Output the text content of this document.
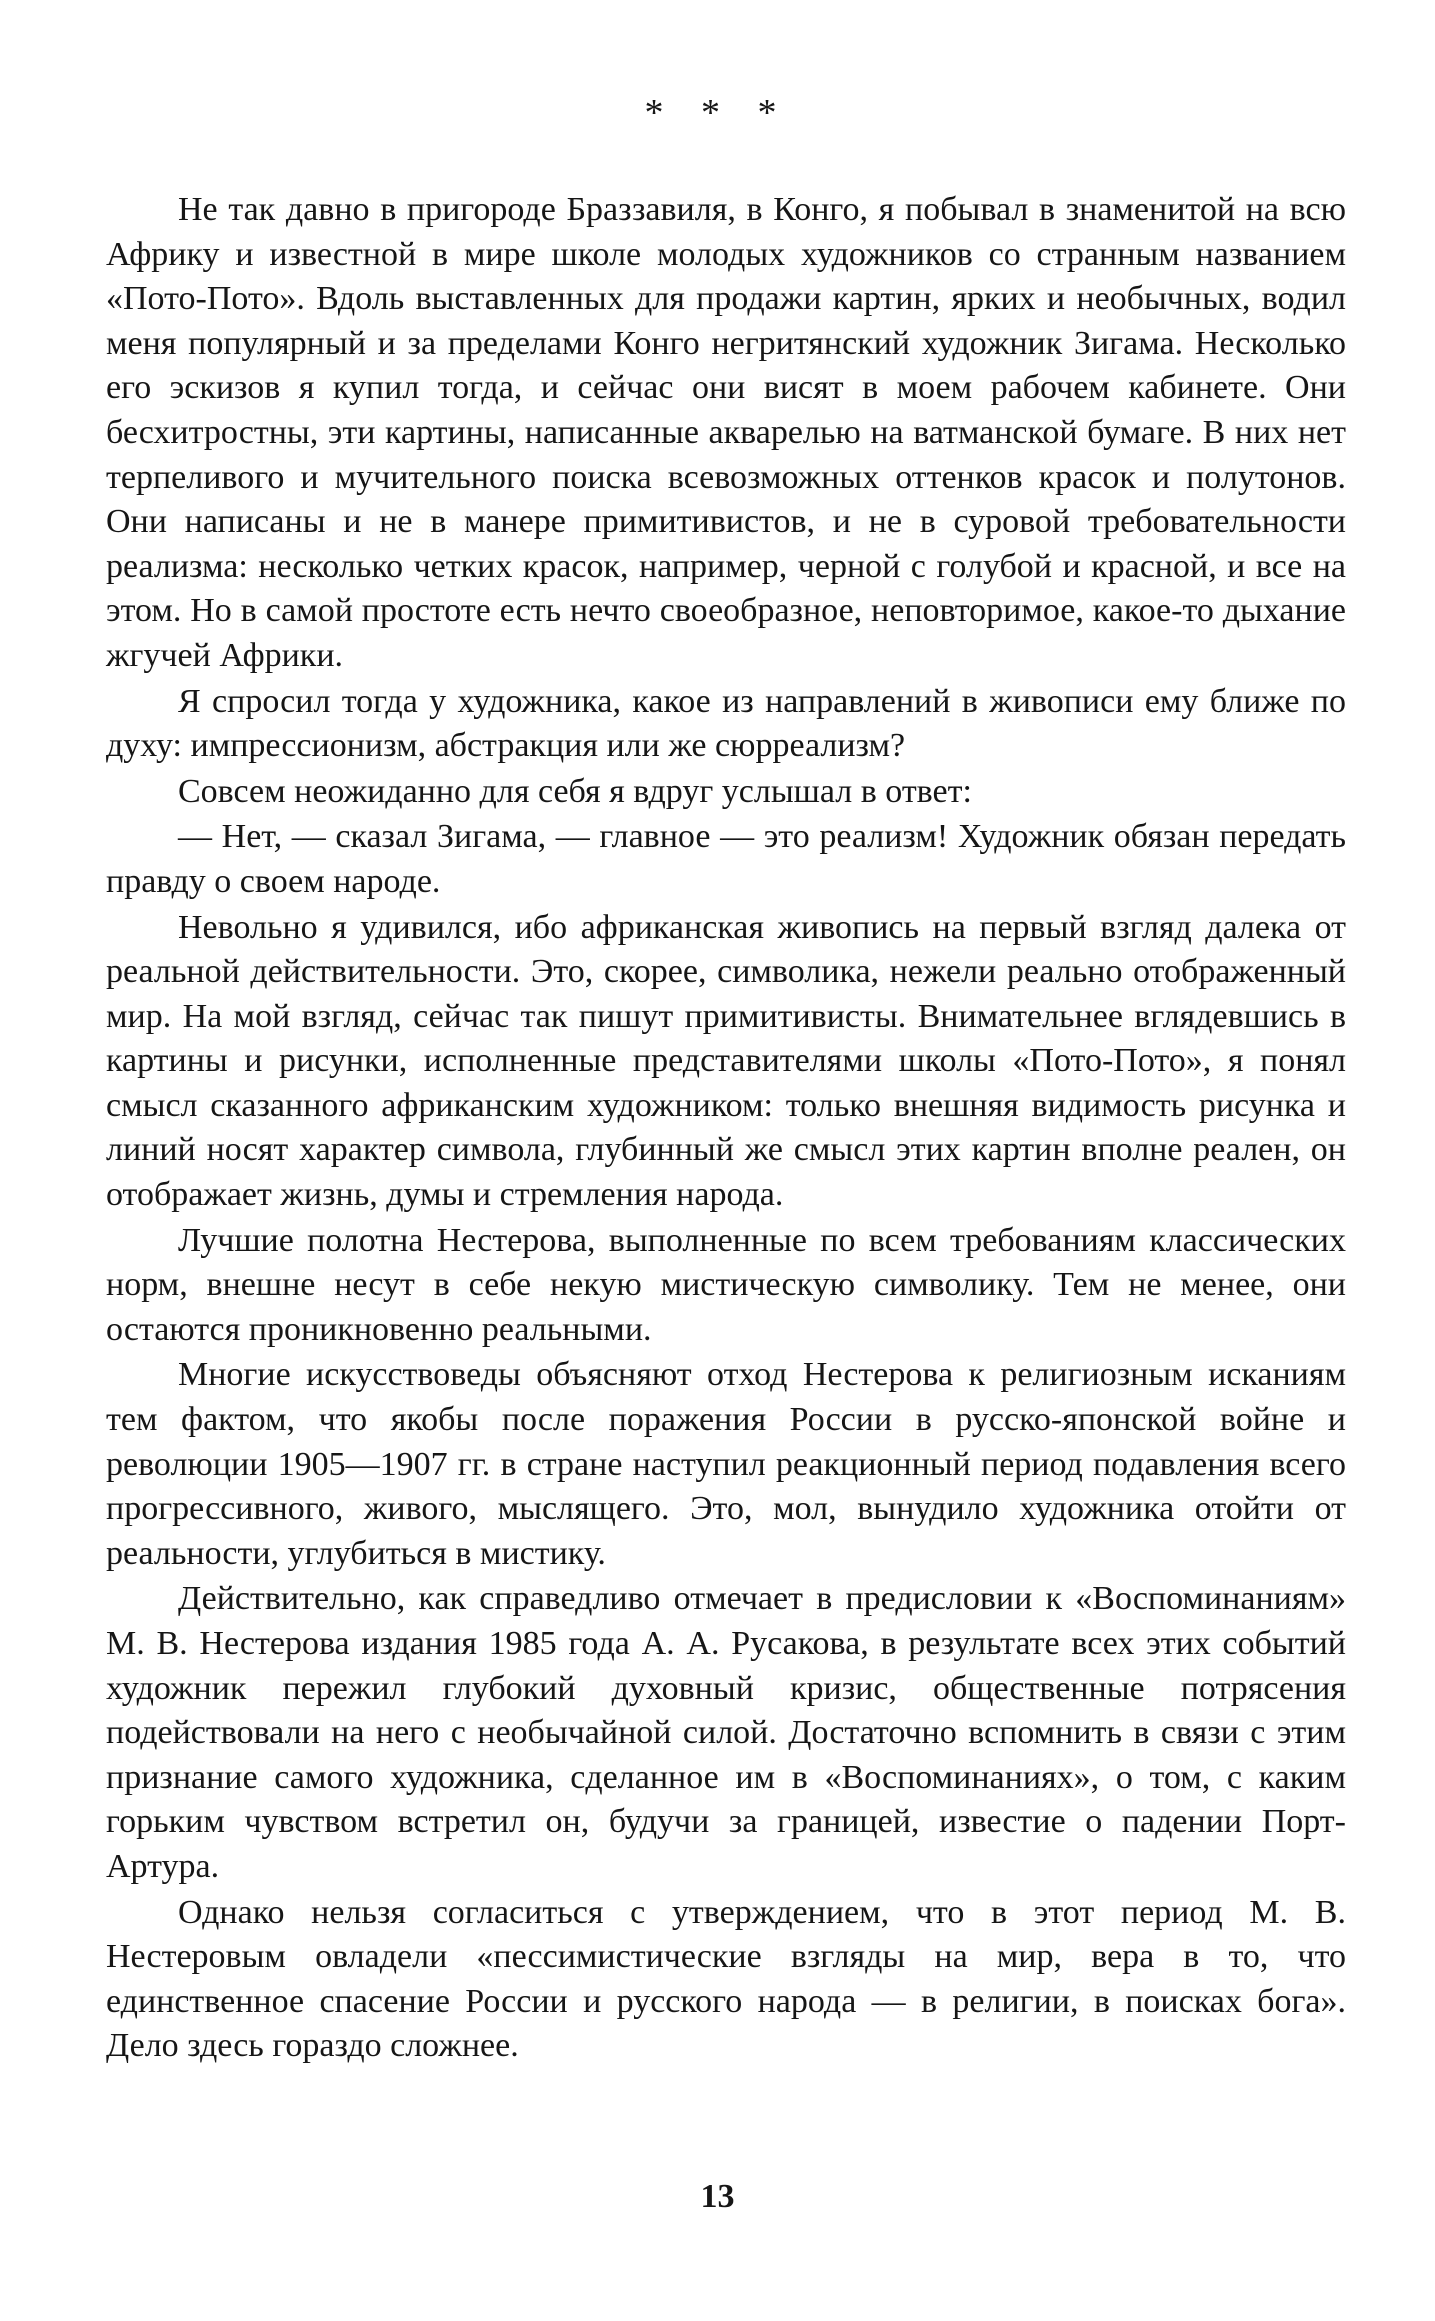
* * *

Не так давно в пригороде Браззавиля, в Конго, я побывал в знаменитой на всю Африку и известной в мире школе молодых художников со странным названием «Пото-Пото». Вдоль выставленных для продажи картин, ярких и необычных, водил меня популярный и за пределами Конго негритянский художник Зигама. Несколько его эскизов я купил тогда, и сейчас они висят в моем рабочем кабинете. Они бесхитростны, эти картины, написанные акварелью на ватманской бумаге. В них нет терпеливого и мучительного поиска всевозможных оттенков красок и полутонов. Они написаны и не в манере примитивистов, и не в суровой требовательности реализма: несколько четких красок, например, черной с голубой и красной, и все на этом. Но в самой простоте есть нечто своеобразное, неповторимое, какое-то дыхание жгучей Африки.

Я спросил тогда у художника, какое из направлений в живописи ему ближе по духу: импрессионизм, абстракция или же сюрреализм?

Совсем неожиданно для себя я вдруг услышал в ответ:

— Нет, — сказал Зигама, — главное — это реализм! Художник обязан передать правду о своем народе.

Невольно я удивился, ибо африканская живопись на первый взгляд далека от реальной действительности. Это, скорее, символика, нежели реально отображенный мир. На мой взгляд, сейчас так пишут примитивисты. Внимательнее вглядевшись в картины и рисунки, исполненные представителями школы «Пото-Пото», я понял смысл сказанного африканским художником: только внешняя видимость рисунка и линий носят характер символа, глубинный же смысл этих картин вполне реален, он отображает жизнь, думы и стремления народа.

Лучшие полотна Нестерова, выполненные по всем требованиям классических норм, внешне несут в себе некую мистическую символику. Тем не менее, они остаются проникновенно реальными.

Многие искусствоведы объясняют отход Нестерова к религиозным исканиям тем фактом, что якобы после поражения России в русско-японской войне и революции 1905—1907 гг. в стране наступил реакционный период подавления всего прогрессивного, живого, мыслящего. Это, мол, вынудило художника отойти от реальности, углубиться в мистику.

Действительно, как справедливо отмечает в предисловии к «Воспоминаниям» М. В. Нестерова издания 1985 года А. А. Русакова, в результате всех этих событий художник пережил глубокий духовный кризис, общественные потрясения подействовали на него с необычайной силой. Достаточно вспомнить в связи с этим признание самого художника, сделанное им в «Воспоминаниях», о том, с каким горьким чувством встретил он, будучи за границей, известие о падении Порт-Артура.

Однако нельзя согласиться с утверждением, что в этот период М. В. Нестеровым овладели «пессимистические взгляды на мир, вера в то, что единственное спасение России и русского народа — в религии, в поисках бога». Дело здесь гораздо сложнее.

13
